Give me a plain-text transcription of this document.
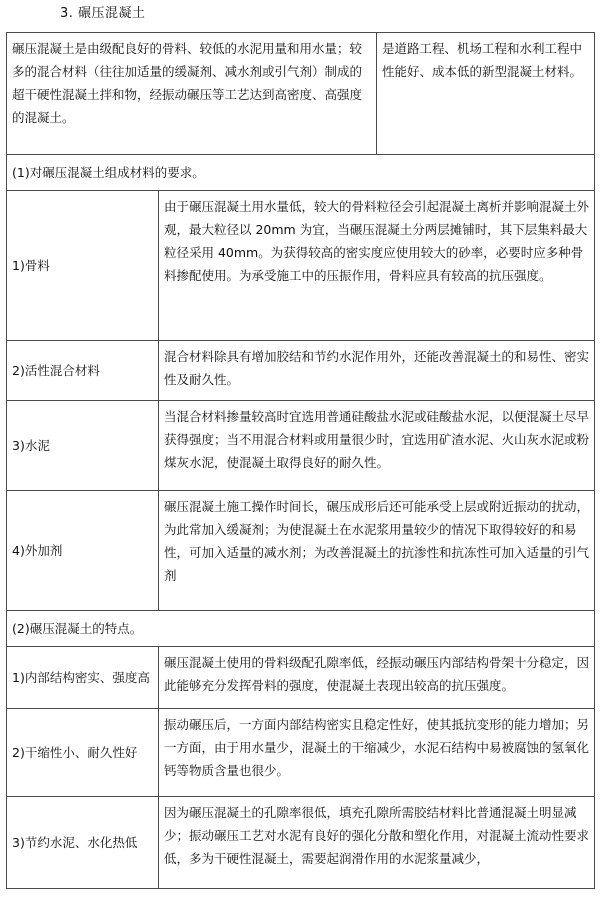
3. 碾压混凝土
碾压混凝土是由级配良好的骨料、较低的水泥用量和用水量；较多的混合材料（往往加适量的缓凝剂、减水剂或引气剂）制成的超干硬性混凝土拌和物，经振动碾压等工艺达到高密度、高强度的混凝土。		是道路工程、机场工程和水利工程中性能好、成本低的新型混凝土材料。
(1)对碾压混凝土组成材料的要求。		
1)骨料	由于碾压混凝土用水量低，较大的骨料粒径会引起混凝土离析并影响混凝土外观，最大粒径以 20mm 为宜，当碾压混凝土分两层摊铺时，其下层集料最大粒径采用 40mm。为获得较高的密实度应使用较大的砂率，必要时应多种骨料掺配使用。为承受施工中的压振作用，骨料应具有较高的抗压强度。	
2)活性混合材料	混合材料除具有增加胶结和节约水泥作用外，还能改善混凝土的和易性、密实性及耐久性。	
3)水泥	当混合材料掺量较高时宜选用普通硅酸盐水泥或硅酸盐水泥，以便混凝土尽早获得强度；当不用混合材料或用量很少时，宜选用矿渣水泥、火山灰水泥或粉煤灰水泥，使混凝土取得良好的耐久性。	
4)外加剂	碾压混凝土施工操作时间长，碾压成形后还可能承受上层或附近振动的扰动，为此常加入缓凝剂；为使混凝土在水泥浆用量较少的情况下取得较好的和易性，可加入适量的减水剂；为改善混凝土的抗渗性和抗冻性可加入适量的引气剂	
(2)碾压混凝土的特点。		
1)内部结构密实、强度高	碾压混凝土使用的骨料级配孔隙率低，经振动碾压内部结构骨架十分稳定，因此能够充分发挥骨料的强度，使混凝土表现出较高的抗压强度。	
2)干缩性小、耐久性好	振动碾压后，一方面内部结构密实且稳定性好，使其抵抗变形的能力增加；另一方面，由于用水量少，混凝土的干缩减少，水泥石结构中易被腐蚀的氢氧化钙等物质含量也很少。	
3)节约水泥、水化热低	因为碾压混凝土的孔隙率很低，填充孔隙所需胶结材料比普通混凝土明显减少；振动碾压工艺对水泥有良好的强化分散和塑化作用，对混凝土流动性要求低，多为干硬性混凝土，需要起润滑作用的水泥浆量减少，	
